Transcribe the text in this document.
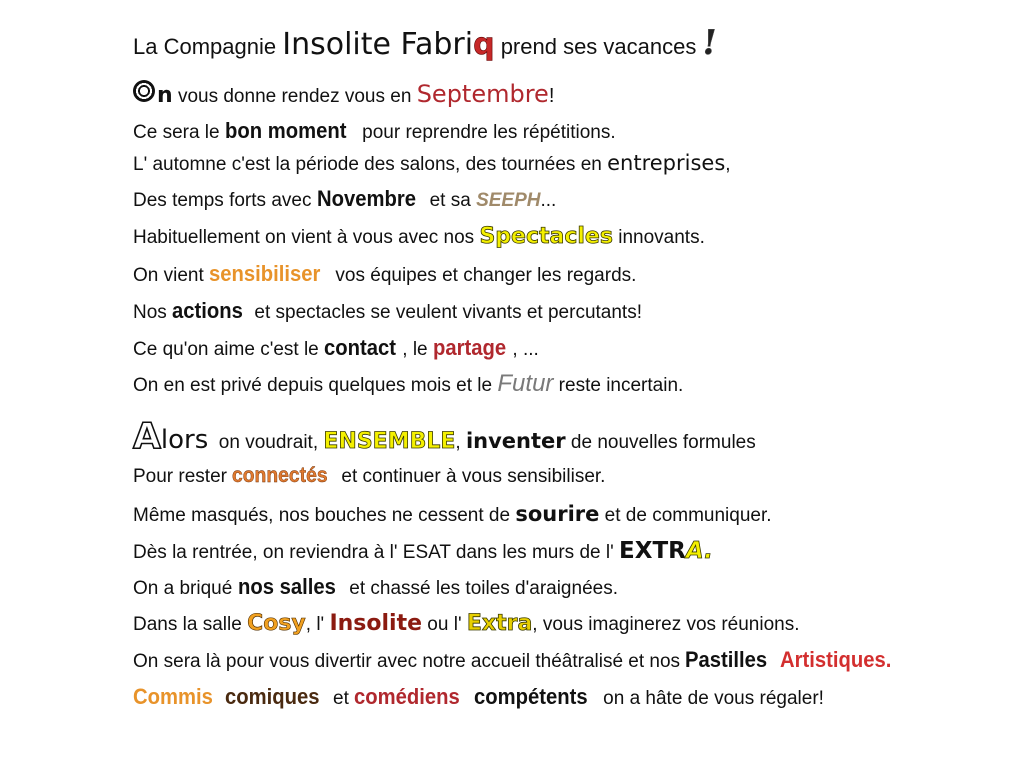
La Compagnie Insolite Fabri q prend ses vacances
!
n vous donne rendez vous en Septembre !
Ce sera le bon moment pour reprendre les répétitions.
L' automne c'est la période des salons, des tournées en entreprises ,
Des temps forts avec Novembre et sa SEEPH ...
Habituellement on vient à vous avec nos Spectacles innovants.
On vient sensibiliser vos équipes et changer les regards.
Nos actions et spectacles se veulent vivants et percutants!
Ce qu'on aime c'est le contact , le partage , ...
On en est privé depuis quelques mois et le Futur reste incertain.
A lors on voudrait, ENSEMBLE , inventer de nouvelles formules
Pour rester connectés et continuer à vous sensibiliser.
Même masqués, nos bouches ne cessent de sourire et de communiquer.
Dès la rentrée, on reviendra à l' ESAT dans les murs de l' EXTR A.
On a briqué nos salles et chassé les toiles d'araignées.
Dans la salle Cosy , l' Insolite ou l' Extra , vous imaginerez vos réunions.
On sera là pour vous divertir avec notre accueil théâtralisé et nos Pastilles
Artistiques.
Commis
comiques et comédiens
compétents on a hâte de vous régaler!
